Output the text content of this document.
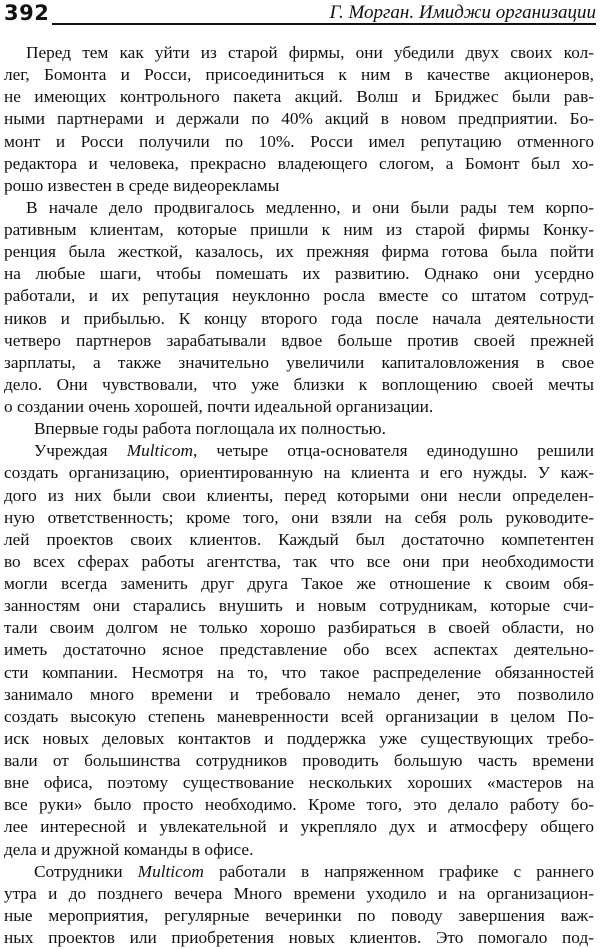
392	Г. Морган. Имиджи организации
Перед тем как уйти из старой фирмы, они убедили двух своих кол-
лег, Бомонта и Росси, присоединиться к ним в качестве акционеров,
не имеющих контрольного пакета акций. Волш и Бриджес были рав-
ными партнерами и держали по 40% акций в новом предприятии. Бо-
монт и Росси получили по 10%. Росси имел репутацию отменного
редактора и человека, прекрасно владеющего слогом, а Бомонт был хо-
рошо известен в среде видеорекламы
В начале дело продвигалось медленно, и они были рады тем корпо-
ративным клиентам, которые пришли к ним из старой фирмы Конку-
ренция была жесткой, казалось, их прежняя фирма готова была пойти
на любые шаги, чтобы помешать их развитию. Однако они усердно
работали, и их репутация неуклонно росла вместе со штатом сотруд-
ников и прибылью. К концу второго года после начала деятельности
четверо партнеров зарабатывали вдвое больше против своей прежней
зарплаты, а также значительно увеличили капиталовложения в свое
дело. Они чувствовали, что уже близки к воплощению своей мечты
о создании очень хорошей, почти идеальной организации.
Впервые годы работа поглощала их полностью.
Учреждая Multicom, четыре отца-основателя единодушно решили
создать организацию, ориентированную на клиента и его нужды. У каж-
дого из них были свои клиенты, перед которыми они несли определен-
ную ответственность; кроме того, они взяли на себя роль руководите-
лей проектов своих клиентов. Каждый был достаточно компетентен
во всех сферах работы агентства, так что все они при необходимости
могли всегда заменить друг друга Такое же отношение к своим обя-
занностям они старались внушить и новым сотрудникам, которые счи-
тали своим долгом не только хорошо разбираться в своей области, но
иметь достаточно ясное представление обо всех аспектах деятельно-
сти компании. Несмотря на то, что такое распределение обязанностей
занимало много времени и требовало немало денег, это позволило
создать высокую степень маневренности всей организации в целом По-
иск новых деловых контактов и поддержка уже существующих требо-
вали от большинства сотрудников проводить большую часть времени
вне офиса, поэтому существование нескольких хороших «мастеров на
все руки» было просто необходимо. Кроме того, это делало работу бо-
лее интересной и увлекательной и укрепляло дух и атмосферу общего
дела и дружной команды в офисе.
Сотрудники Multicom работали в напряженном графике с раннего
утра и до позднего вечера Много времени уходило и на организацион-
ные мероприятия, регулярные вечеринки по поводу завершения важ-
ных проектов или приобретения новых клиентов. Это помогало под-
